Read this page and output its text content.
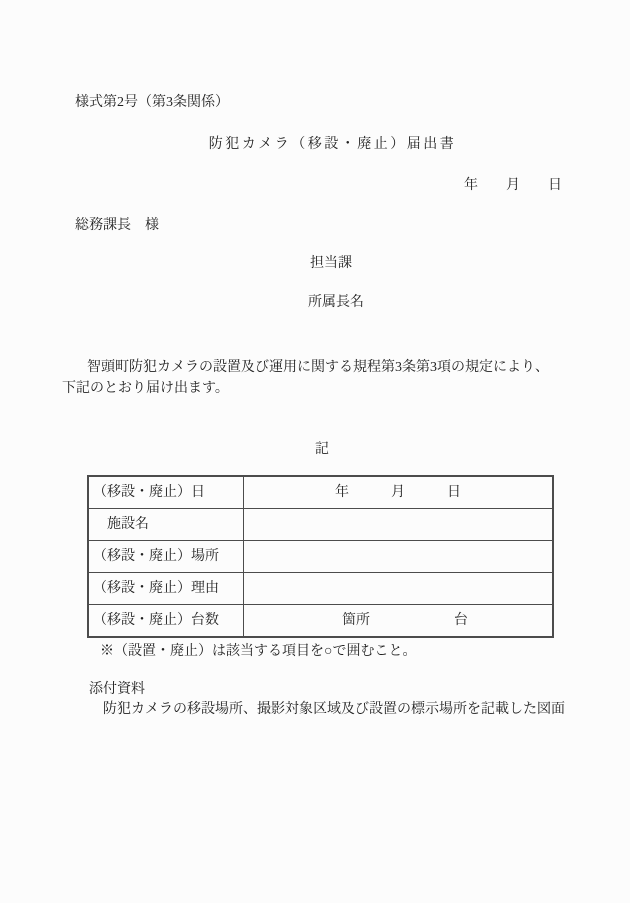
様式第2号（第3条関係）
防犯カメラ（移設・廃止）届出書
年　　月　　日
総務課長　様
担当課
所属長名
智頭町防犯カメラの設置及び運用に関する規程第3条第3項の規定により、
下記のとおり届け出ます。
記
（移設・廃止）日	年　　　月　　　日
　施設名	
（移設・廃止）場所	
（移設・廃止）理由	
（移設・廃止）台数	　箇所　　　　　　台
※（設置・廃止）は該当する項目を○で囲むこと。
添付資料
防犯カメラの移設場所、撮影対象区域及び設置の標示場所を記載した図面
